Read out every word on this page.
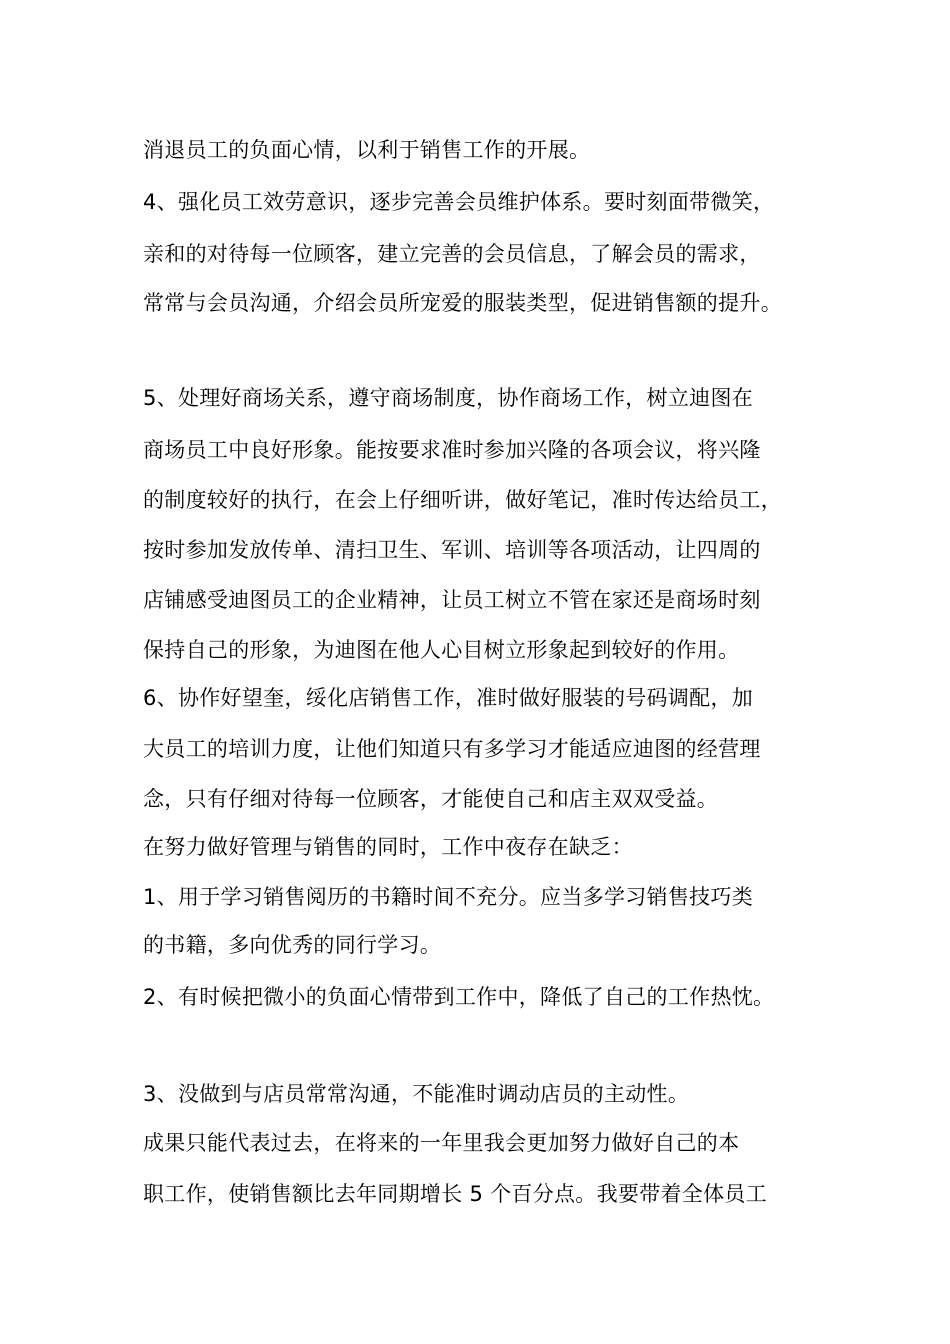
消退员工的负面心情，以利于销售工作的开展。
4、强化员工效劳意识，逐步完善会员维护体系。要时刻面带微笑，
亲和的对待每一位顾客，建立完善的会员信息，了解会员的需求，
常常与会员沟通，介绍会员所宠爱的服装类型，促进销售额的提升。
5、处理好商场关系，遵守商场制度，协作商场工作，树立迪图在
商场员工中良好形象。能按要求准时参加兴隆的各项会议，将兴隆
的制度较好的执行，在会上仔细听讲，做好笔记，准时传达给员工，
按时参加发放传单、清扫卫生、军训、培训等各项活动，让四周的
店铺感受迪图员工的企业精神，让员工树立不管在家还是商场时刻
保持自己的形象，为迪图在他人心目树立形象起到较好的作用。
6、协作好望奎，绥化店销售工作，准时做好服装的号码调配，加
大员工的培训力度，让他们知道只有多学习才能适应迪图的经营理
念，只有仔细对待每一位顾客，才能使自己和店主双双受益。
在努力做好管理与销售的同时，工作中夜存在缺乏：
1、用于学习销售阅历的书籍时间不充分。应当多学习销售技巧类
的书籍，多向优秀的同行学习。
2、有时候把微小的负面心情带到工作中，降低了自己的工作热忱。
3、没做到与店员常常沟通，不能准时调动店员的主动性。
成果只能代表过去，在将来的一年里我会更加努力做好自己的本
职工作，使销售额比去年同期增长 5 个百分点。我要带着全体员工
